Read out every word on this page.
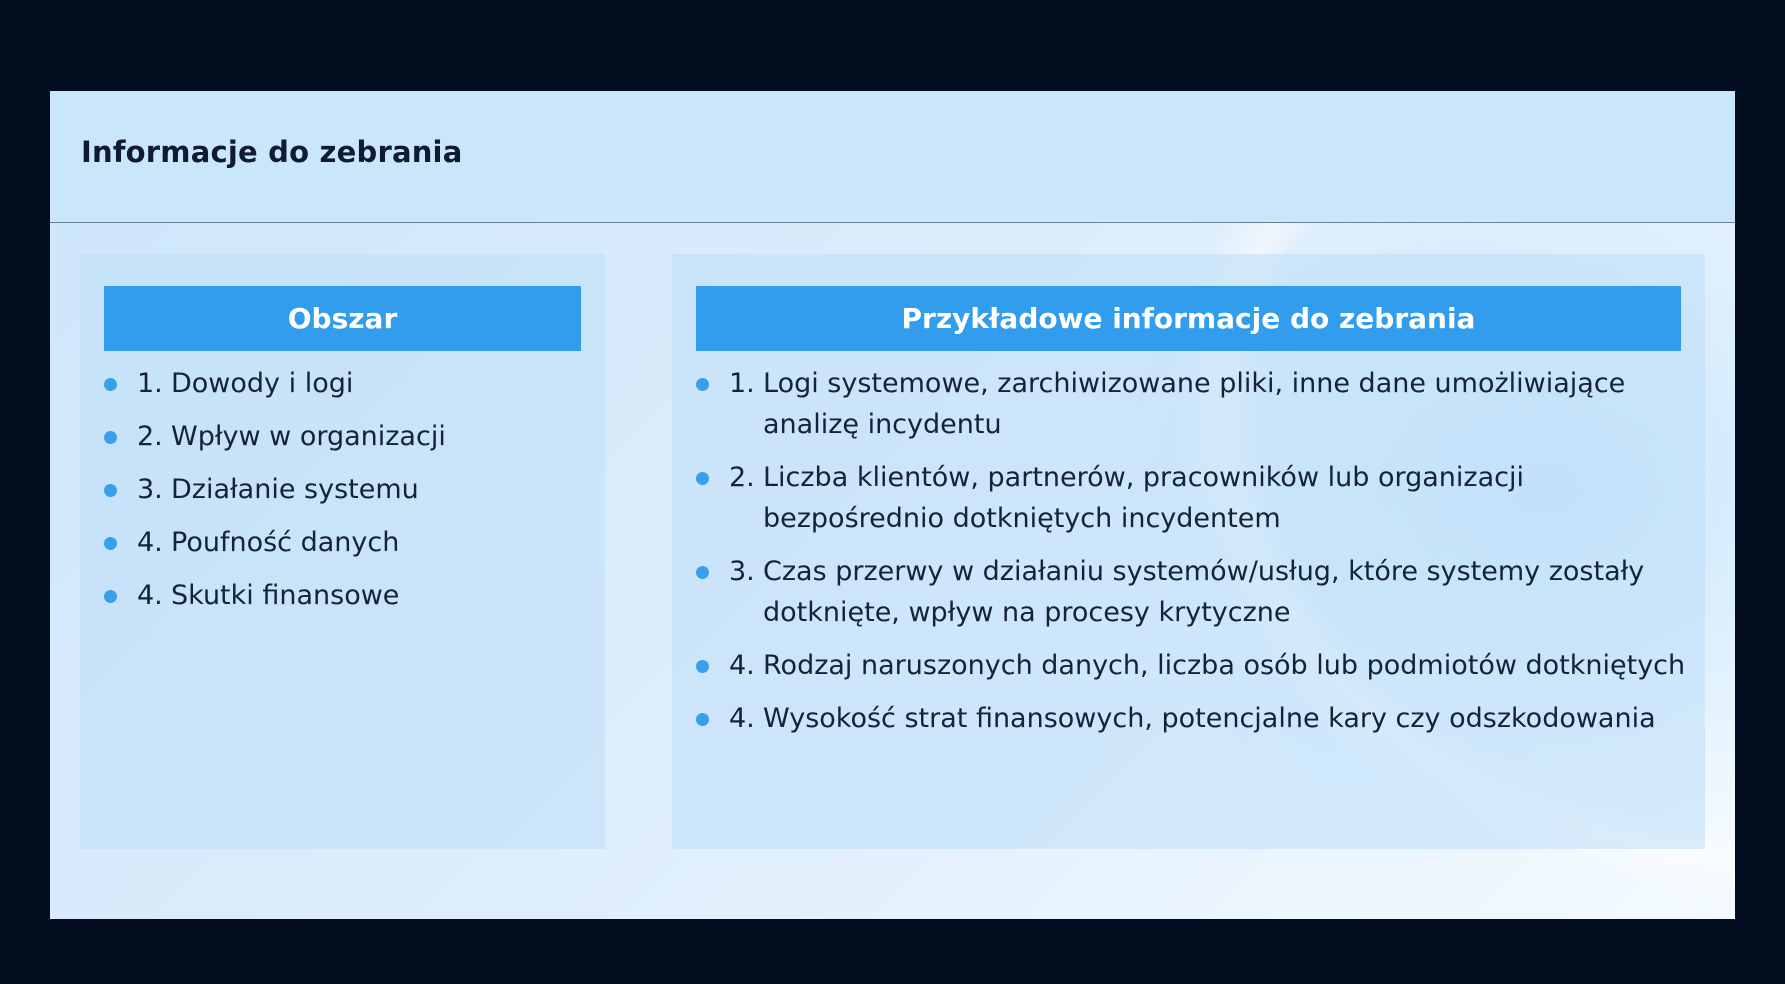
Informacje do zebrania
Obszar
1. Dowody i logi
2. Wpływ w organizacji
3. Działanie systemu
4. Poufność danych
4. Skutki finansowe
Przykładowe informacje do zebrania
1. Logi systemowe, zarchiwizowane pliki, inne dane umożliwiające analizę incydentu
2. Liczba klientów, partnerów, pracowników lub organizacji bezpośrednio dotkniętych incydentem
3. Czas przerwy w działaniu systemów/usług, które systemy zostały dotknięte, wpływ na procesy krytyczne
4. Rodzaj naruszonych danych, liczba osób lub podmiotów dotkniętych
4. Wysokość strat finansowych, potencjalne kary czy odszkodowania
